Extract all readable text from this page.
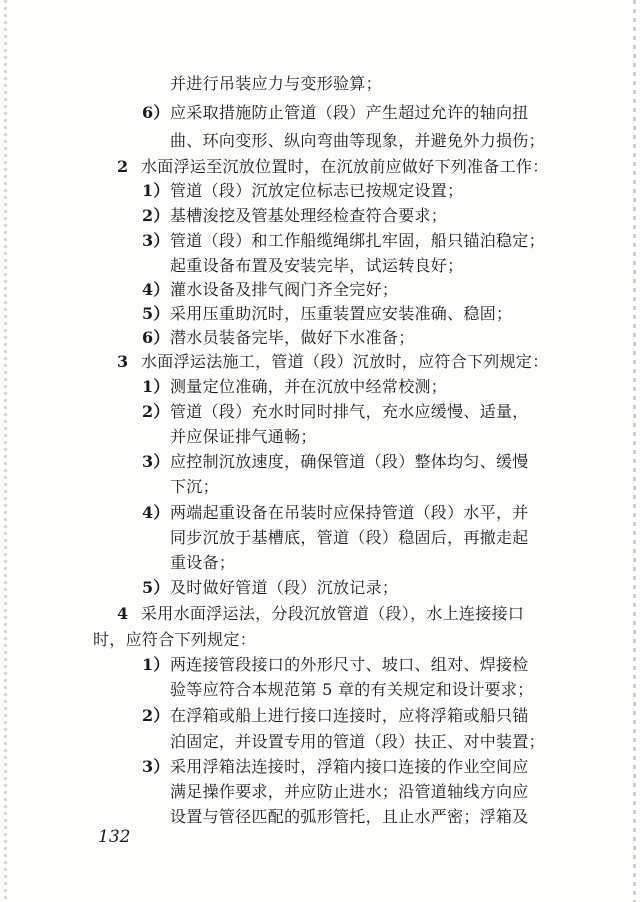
并进行吊装应力与变形验算；
6）应采取措施防止管道（段）产生超过允许的轴向扭
曲、环向变形、纵向弯曲等现象，并避免外力损伤；
2 水面浮运至沉放位置时，在沉放前应做好下列准备工作：
1）管道（段）沉放定位标志已按规定设置；
2）基槽浚挖及管基处理经检查符合要求；
3）管道（段）和工作船缆绳绑扎牢固，船只锚泊稳定；
起重设备布置及安装完毕，试运转良好；
4）灌水设备及排气阀门齐全完好；
5）采用压重助沉时，压重装置应安装准确、稳固；
6）潜水员装备完毕，做好下水准备；
3 水面浮运法施工，管道（段）沉放时，应符合下列规定：
1）测量定位准确，并在沉放中经常校测；
2）管道（段）充水时同时排气，充水应缓慢、适量，
并应保证排气通畅；
3）应控制沉放速度，确保管道（段）整体均匀、缓慢
下沉；
4）两端起重设备在吊装时应保持管道（段）水平，并
同步沉放于基槽底，管道（段）稳固后，再撤走起
重设备；
5）及时做好管道（段）沉放记录；
4 采用水面浮运法，分段沉放管道（段），水上连接接口
时，应符合下列规定：
1）两连接管段接口的外形尺寸、坡口、组对、焊接检
验等应符合本规范第 5 章的有关规定和设计要求；
2）在浮箱或船上进行接口连接时，应将浮箱或船只锚
泊固定，并设置专用的管道（段）扶正、对中装置；
3）采用浮箱法连接时，浮箱内接口连接的作业空间应
满足操作要求，并应防止进水；沿管道轴线方向应
设置与管径匹配的弧形管托，且止水严密；浮箱及
132
